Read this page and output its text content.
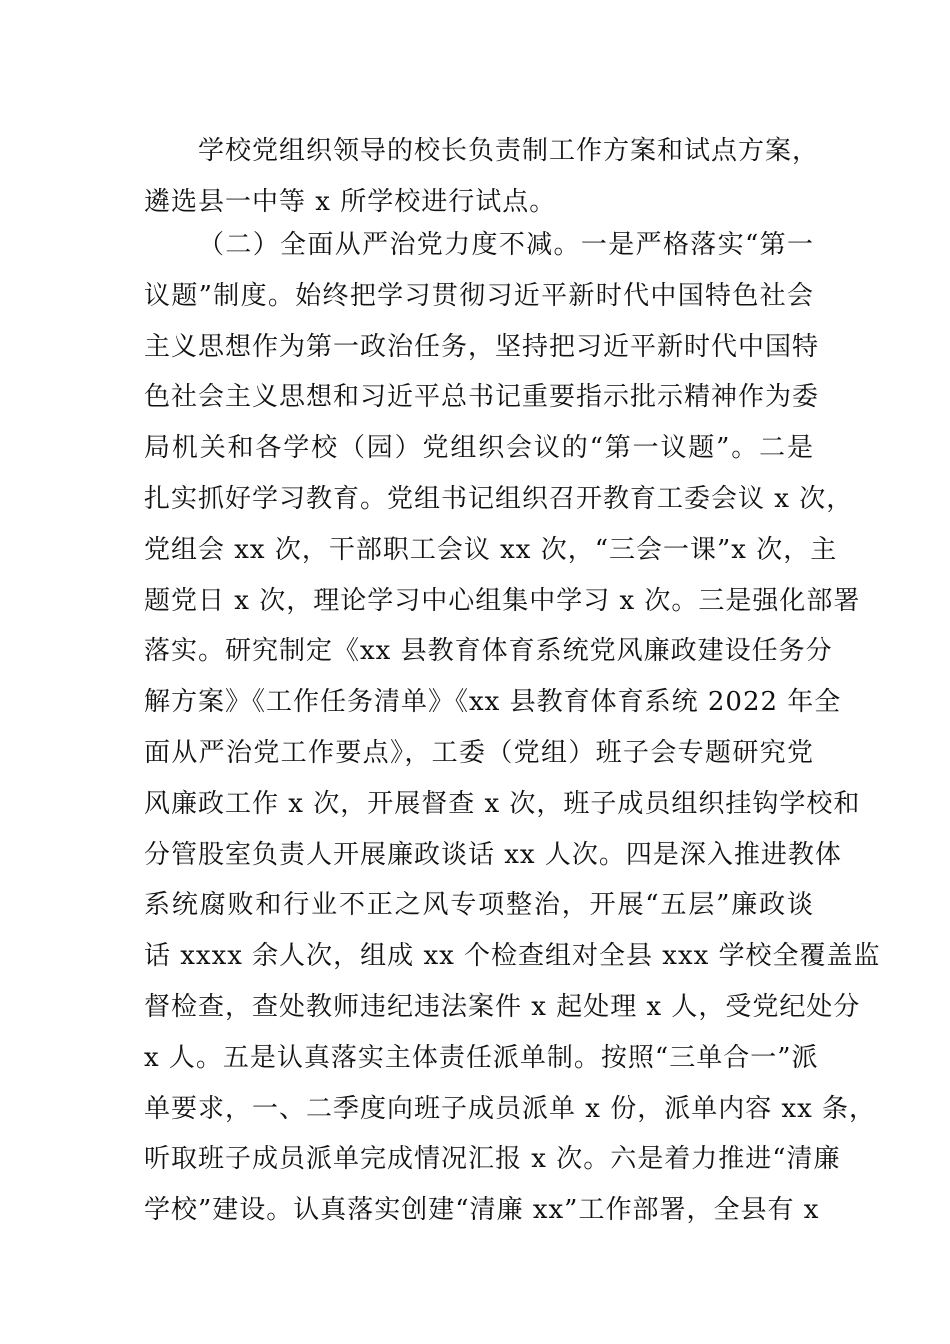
学校党组织领导的校长负责制工作方案和试点方案，
遴选县一中等 x 所学校进行试点。
（二）全面从严治党力度不减。一是严格落实“第一
议题”制度。始终把学习贯彻习近平新时代中国特色社会
主义思想作为第一政治任务，坚持把习近平新时代中国特
色社会主义思想和习近平总书记重要指示批示精神作为委
局机关和各学校（园）党组织会议的“第一议题”。二是
扎实抓好学习教育。党组书记组织召开教育工委会议 x 次，
党组会 xx 次，干部职工会议 xx 次，“三会一课”x 次，主
题党日 x 次，理论学习中心组集中学习 x 次。三是强化部署
落实。研究制定《xx 县教育体育系统党风廉政建设任务分
解方案》《工作任务清单》《xx 县教育体育系统 2022 年全
面从严治党工作要点》，工委（党组）班子会专题研究党
风廉政工作 x 次，开展督查 x 次，班子成员组织挂钩学校和
分管股室负责人开展廉政谈话 xx 人次。四是深入推进教体
系统腐败和行业不正之风专项整治，开展“五层”廉政谈
话 xxxx 余人次，组成 xx 个检查组对全县 xxx 学校全覆盖监
督检查，查处教师违纪违法案件 x 起处理 x 人，受党纪处分
x 人。五是认真落实主体责任派单制。按照“三单合一”派
单要求，一、二季度向班子成员派单 x 份，派单内容 xx 条，
听取班子成员派单完成情况汇报 x 次。六是着力推进“清廉
学校”建设。认真落实创建“清廉 xx”工作部署，全县有 x
